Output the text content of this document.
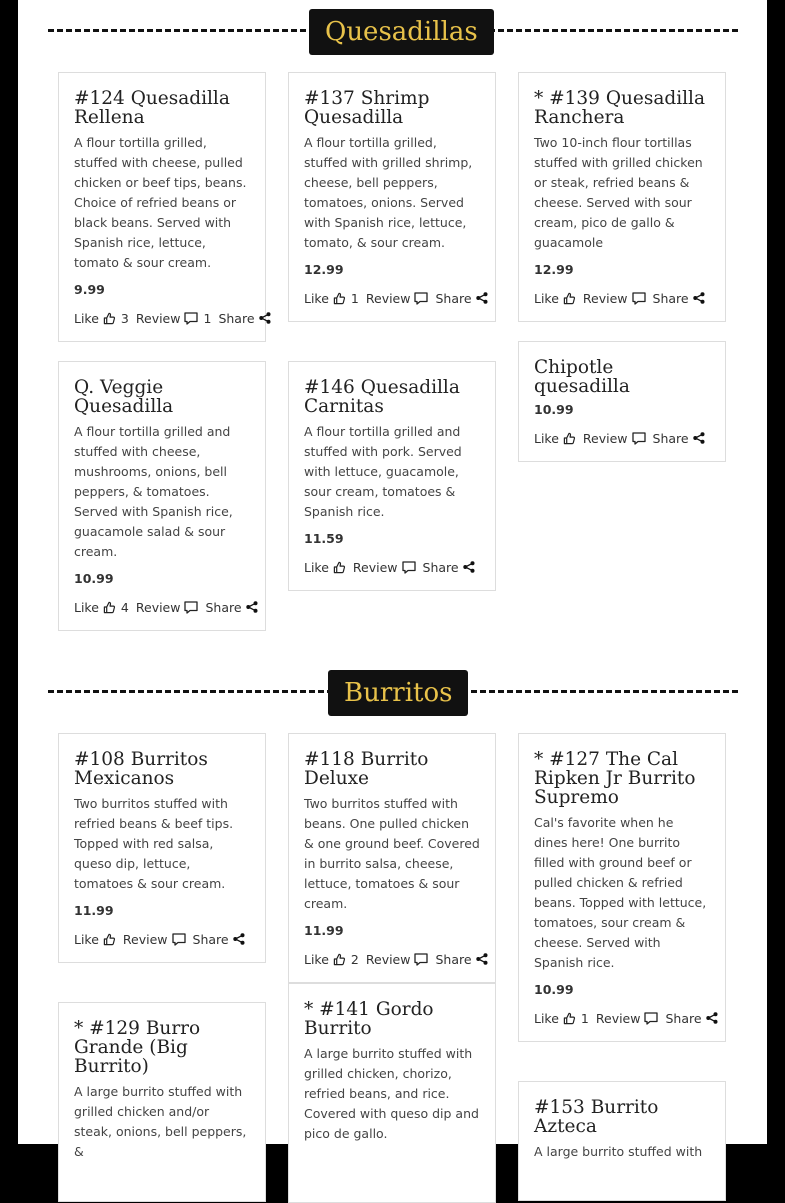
Quesadillas
#124 Quesadilla Rellena

A flour tortilla grilled, stuffed with cheese, pulled chicken or beef tips, beans. Choice of refried beans or black beans. Served with Spanish rice, lettuce, tomato & sour cream.

9.99
Like 3 Review 1 Share
#137 Shrimp Quesadilla

A flour tortilla grilled, stuffed with grilled shrimp, cheese, bell peppers, tomatoes, onions. Served with Spanish rice, lettuce, tomato, & sour cream.

12.99
Like 1 Review Share
* #139 Quesadilla Ranchera

Two 10-inch flour tortillas stuffed with grilled chicken or steak, refried beans & cheese. Served with sour cream, pico de gallo & guacamole

12.99
Like Review Share
Q. Veggie Quesadilla

A flour tortilla grilled and stuffed with cheese, mushrooms, onions, bell peppers, & tomatoes. Served with Spanish rice, guacamole salad & sour cream.

10.99
Like 4 Review Share
#146 Quesadilla Carnitas

A flour tortilla grilled and stuffed with pork. Served with lettuce, guacamole, sour cream, tomatoes & Spanish rice.

11.59
Like Review Share
Chipotle quesadilla
10.99
Like Review Share
Burritos
#108 Burritos Mexicanos

Two burritos stuffed with refried beans & beef tips. Topped with red salsa, queso dip, lettuce, tomatoes & sour cream.

11.99
Like Review Share
#118 Burrito Deluxe

Two burritos stuffed with beans. One pulled chicken & one ground beef. Covered in burrito salsa, cheese, lettuce, tomatoes & sour cream.

11.99
Like 2 Review Share
* #127 The Cal Ripken Jr Burrito Supremo

Cal's favorite when he dines here! One burrito filled with ground beef or pulled chicken & refried beans. Topped with lettuce, tomatoes, sour cream & cheese. Served with Spanish rice.

10.99
Like 1 Review Share
* #129 Burro Grande (Big Burrito)

A large burrito stuffed with grilled chicken and/or steak, onions, bell peppers, &

* #141 Gordo Burrito

A large burrito stuffed with grilled chicken, chorizo, refried beans, and rice. Covered with queso dip and pico de gallo.

#153 Burrito Azteca

A large burrito stuffed with
